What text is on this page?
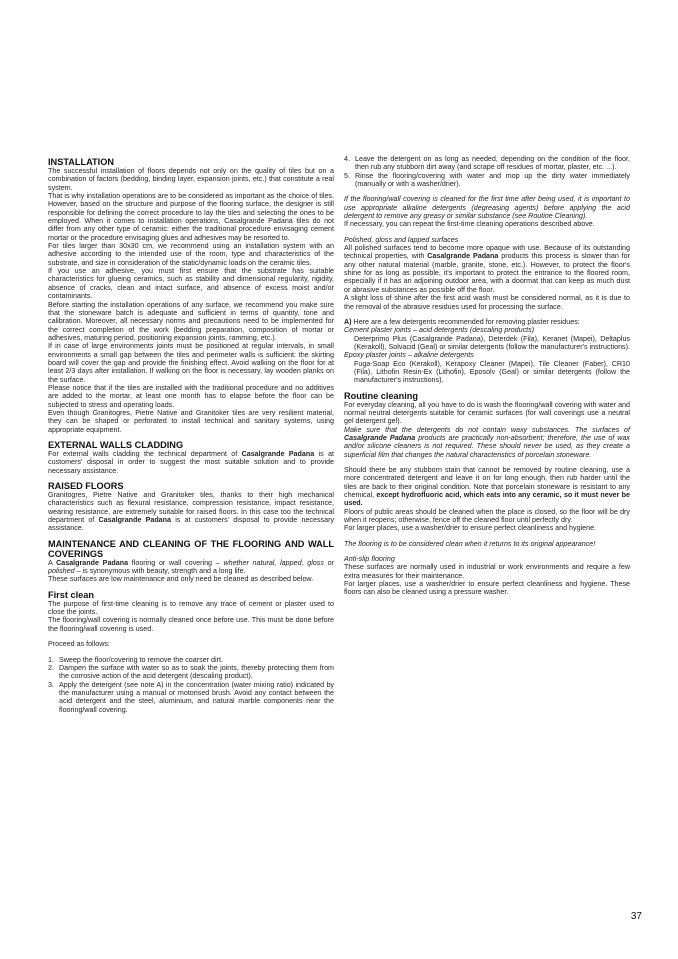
INSTALLATION

The successful installation of floors depends not only on the quality of tiles but on a combination of factors (bedding, binding layer, expansion joints, etc.) that constitute a real system.

That is why installation operations are to be considered as important as the choice of tiles. However, based on the structure and purpose of the flooring surface, the designer is still responsible for defining the correct procedure to lay the tiles and selecting the ones to be employed. When it comes to installation operations, Casalgrande Padana tiles do not differ from any other type of ceramic: either the traditional procedure envisaging cement mortar or the procedure envisaging glues and adhesives may be resorted to.

For tiles larger than 30x30 cm, we recommend using an installation system with an adhesive according to the intended use of the room, type and characteristics of the substrate, and size in consideration of the static/dynamic loads on the ceramic tiles.

If you use an adhesive, you must first ensure that the substrate has suitable characteristics for glueing ceramics, such as stability and dimensional regularity, rigidity, absence of cracks, clean and intact surface, and absence of excess moist and/or contaminants.

Before starting the installation operations of any surface, we recommend you make sure that the stoneware batch is adequate and sufficient in terms of quantity, tone and calibration. Moreover, all necessary norms and precautions need to be implemented for the correct completion of the work (bedding preparation, composition of mortar or adhesives, maturing period, positioning expansion joints, ramming, etc.).

If in case of large environments joints must be positioned at regular intervals, in small environments a small gap between the tiles and perimeter walls is sufficient: the skirting board will cover the gap and provide the finishing effect. Avoid walking on the floor for at least 2/3 days after installation. If walking on the floor is necessary, lay wooden planks on the surface.

Please notice that if the tiles are installed with the traditional procedure and no additives are added to the mortar, at least one month has to elapse before the floor can be subjected to stress and operating loads.

Even though Granitogres, Pietre Native and Granitoker tiles are very resilient material, they can be shaped or perforated to install technical and sanitary systems, using appropriate equipment.

EXTERNAL WALLS CLADDING

For external walls cladding the technical department of Casalgrande Padana is at customers' disposal in order to suggest the most suitable solution and to provide necessary assistance.

RAISED FLOORS

Granitogres, Pietre Native and Granitoker tiles, thanks to their high mechanical characteristics such as flexural resistance, compression resistance, impact resistance, wearing resistance, are extremely suitable for raised floors. In this case too the technical department of Casalgrande Padana is at customers' disposal to provide necessary assistance.

MAINTENANCE AND CLEANING OF THE FLOORING AND WALL COVERINGS

A Casalgrande Padana flooring or wall covering – whether natural, lapped, gloss or polished – is synonymous with beauty, strength and a long life.

These surfaces are low maintenance and only need be cleaned as described below.

First clean

The purpose of first-time cleaning is to remove any trace of cement or plaster used to close the joints.

The flooring/wall covering is normally cleaned once before use. This must be done before the flooring/wall covering is used.

Proceed as follows:

1. Sweep the floor/covering to remove the coarser dirt.
2. Dampen the surface with water so as to soak the joints, thereby protecting them from the corrosive action of the acid detergent (descaling product).
3. Apply the detergent (see note A) in the concentration (water mixing ratio) indicated by the manufacturer using a manual or motorised brush. Avoid any contact between the acid detergent and the steel, aluminium, and natural marble components near the flooring/wall covering.
4. Leave the detergent on as long as needed, depending on the condition of the floor, then rub any stubborn dirt away (and scrape off residues of mortar, plaster, etc. ...).
5. Rinse the flooring/covering with water and mop up the dirty water immediately (manually or with a washer/drier).

If the flooring/wall covering is cleaned for the first time after being used, it is important to use appropriate alkaline detergents (degreasing agents) before applying the acid detergent to remove any greasy or similar substance (see Routine Cleaning).

If necessary, you can repeat the first-time cleaning operations described above.

Polished, gloss and lapped surfaces

All polished surfaces tend to become more opaque with use. Because of its outstanding technical properties, with Casalgrande Padana products this process is slower than for any other natural material (marble, granite, stone, etc.). However, to protect the floor's shine for as long as possible, it's important to protect the entrance to the floored room, especially if it has an adjoining outdoor area, with a doormat that can keep as much dust or abrasive substances as possible off the floor.

A slight loss of shine after the first acid wash must be considered normal, as it is due to the removal of the abrasive residues used for processing the surface.

A) Here are a few detergents recommended for removing plaster residues:

Cement plaster joints – acid detergents (descaling products)

Deterprimo Plus (Casalgrande Padana), Deterdek (Fila), Keranet (Mapei), Deltaplus (Kerakoll), Solvacid (Geal) or similar detergents (follow the manufacturer's instructions).

Epoxy plaster joints – alkaline detergents

Fuga-Soap Eco (Kerakoll), Kerapoxy Cleaner (Mapei), Tile Cleaner (Faber), CR10 (Fila), Lithofin Resin-Ex (Lithofin), Eposolv (Geal) or similar detergents (follow the manufacturer's instructions).

Routine cleaning

For everyday cleaning, all you have to do is wash the flooring/wall covering with water and normal neutral detergents suitable for ceramic surfaces (for wall coverings use a neutral gel detergent gel).

Make sure that the detergents do not contain waxy substances. The surfaces of Casalgrande Padana products are practically non-absorbent; therefore, the use of wax and/or silicone cleaners is not required. These should never be used, as they create a superficial film that changes the natural characteristics of porcelain stoneware.

Should there be any stubborn stain that cannot be removed by routine cleaning, use a more concentrated detergent and leave it on for long enough, then rub harder until the tiles are back to their original condition. Note that porcelain stoneware is resistant to any chemical, except hydrofluoric acid, which eats into any ceramic, so it must never be used.

Floors of public areas should be cleaned when the place is closed, so the floor will be dry when it reopens; otherwise, fence off the cleaned floor until perfectly dry.

For larger places, use a washer/drier to ensure perfect cleanliness and hygiene.

The flooring is to be considered clean when it returns to its original appearance!

Anti-slip flooring

These surfaces are normally used in industrial or work environments and require a few extra measures for their maintenance.

For larger places, use a washer/drier to ensure perfect cleanliness and hygiene. These floors can also be cleaned using a pressure washer.

37
